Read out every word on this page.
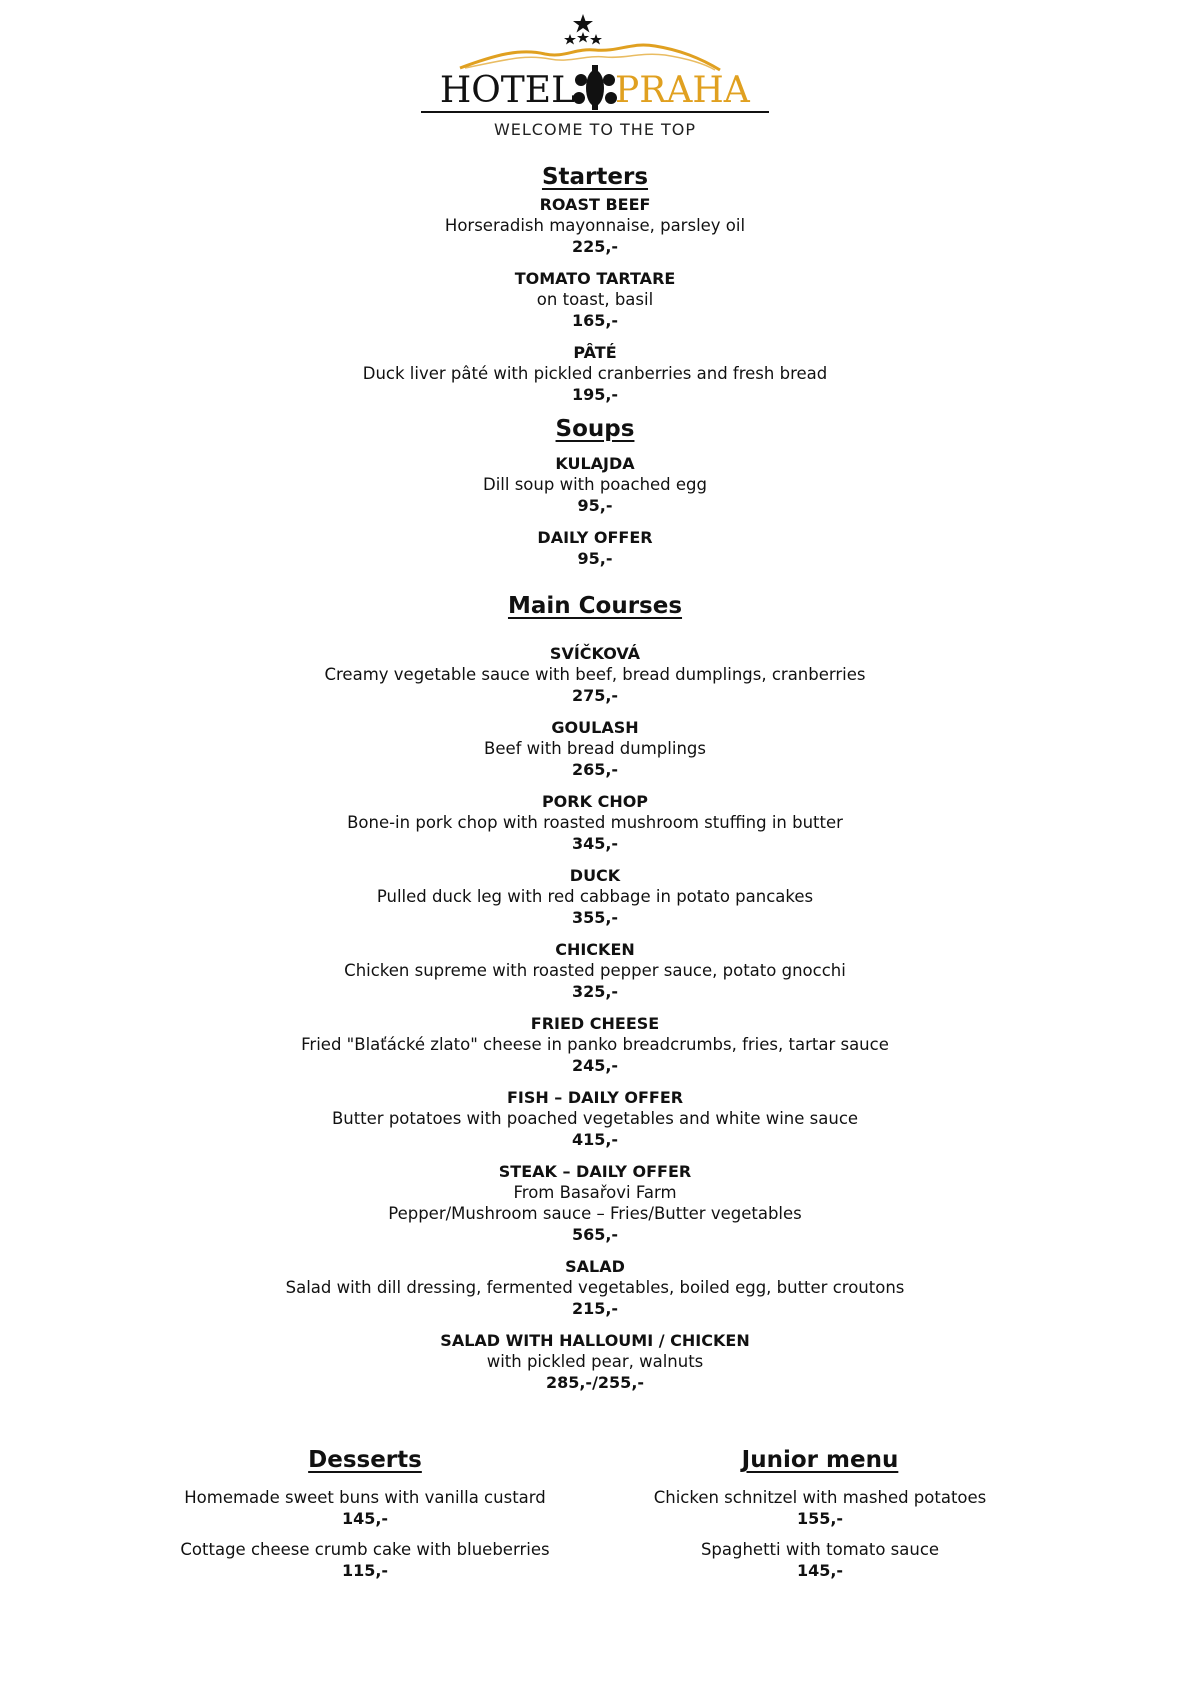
HOTEL PRAHA
WELCOME TO THE TOP
Starters
ROAST BEEF
Horseradish mayonnaise, parsley oil
225,-
TOMATO TARTARE
on toast, basil
165,-
PÂTÉ
Duck liver pâté with pickled cranberries and fresh bread
195,-
Soups
KULAJDA
Dill soup with poached egg
95,-
DAILY OFFER
95,-
Main Courses
SVÍČKOVÁ
Creamy vegetable sauce with beef, bread dumplings, cranberries
275,-
GOULASH
Beef with bread dumplings
265,-
PORK CHOP
Bone-in pork chop with roasted mushroom stuffing in butter
345,-
DUCK
Pulled duck leg with red cabbage in potato pancakes
355,-
CHICKEN
Chicken supreme with roasted pepper sauce, potato gnocchi
325,-
FRIED CHEESE
Fried "Blaťácké zlato" cheese in panko breadcrumbs, fries, tartar sauce
245,-
FISH – DAILY OFFER
Butter potatoes with poached vegetables and white wine sauce
415,-
STEAK – DAILY OFFER
From Basařovi Farm
Pepper/Mushroom sauce – Fries/Butter vegetables
565,-
SALAD
Salad with dill dressing, fermented vegetables, boiled egg, butter croutons
215,-
SALAD WITH HALLOUMI / CHICKEN
with pickled pear, walnuts
285,-/255,-
Desserts
Homemade sweet buns with vanilla custard
145,-
Cottage cheese crumb cake with blueberries
115,-
Junior menu
Chicken schnitzel with mashed potatoes
155,-
Spaghetti with tomato sauce
145,-
